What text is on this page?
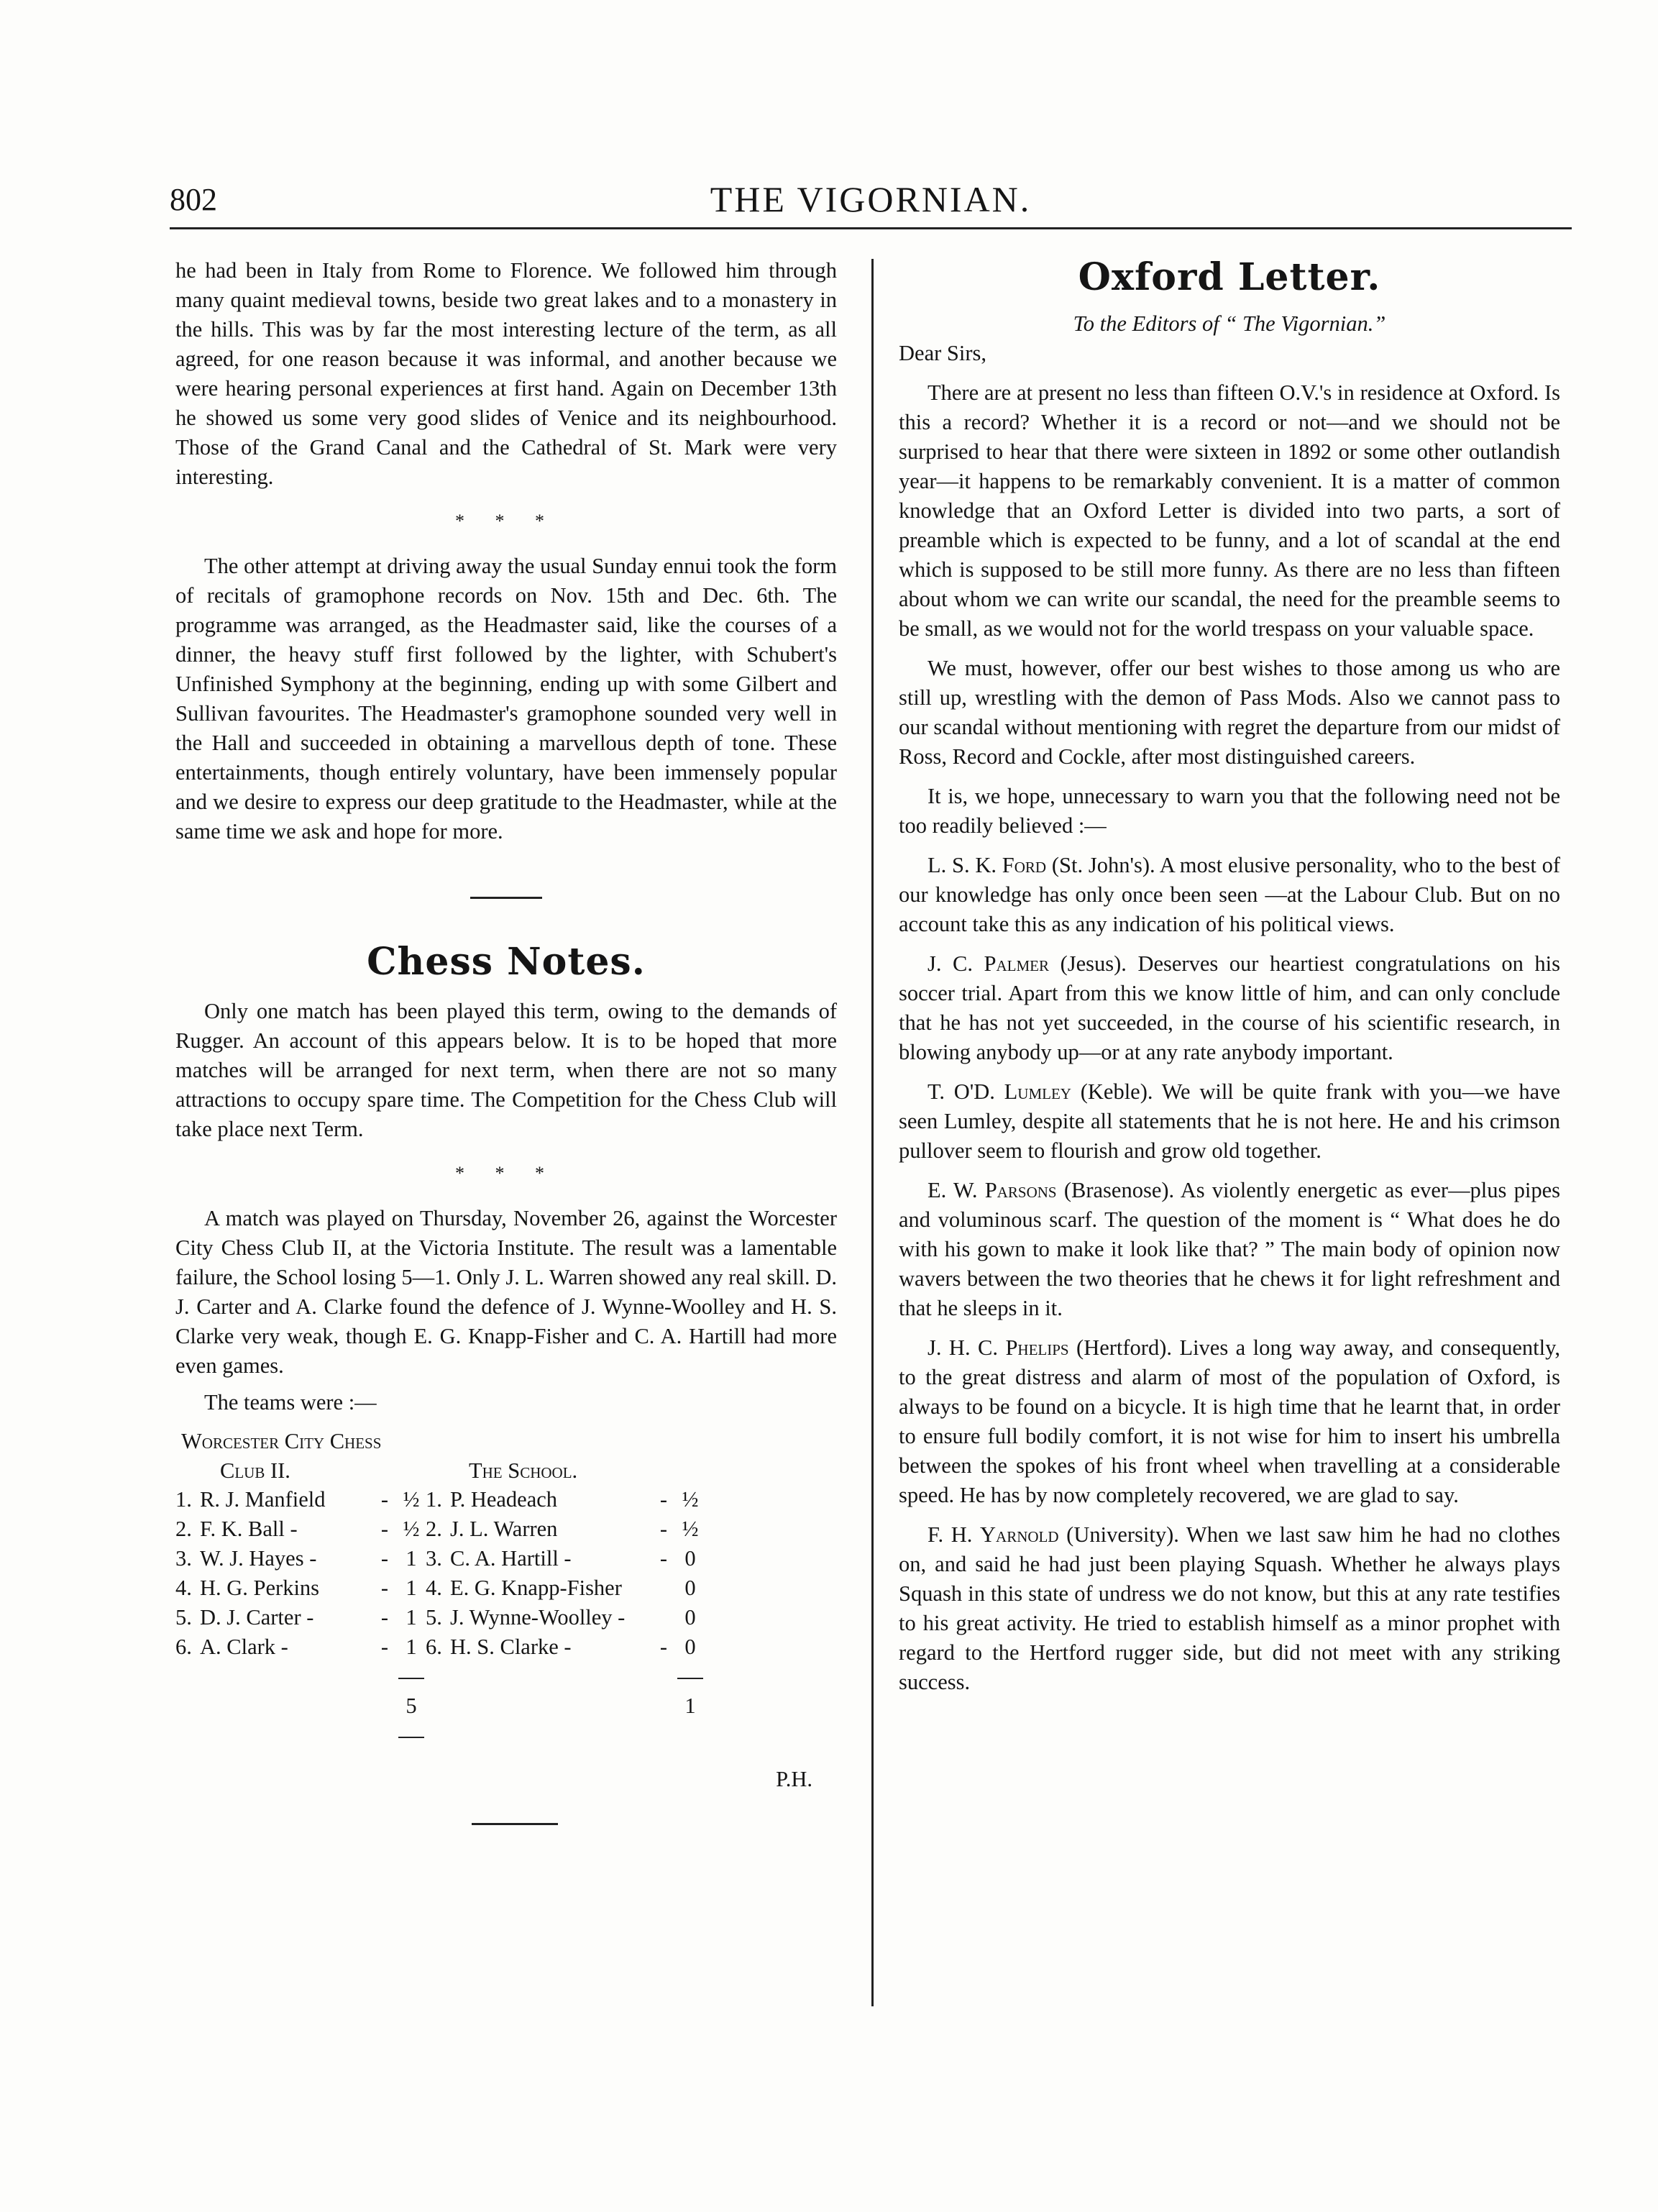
802	THE VIGORNIAN.

he had been in Italy from Rome to Florence. We followed him through many quaint medieval towns, beside two great lakes and to a monastery in the hills. This was by far the most interesting lecture of the term, as all agreed, for one reason because it was informal, and another because we were hearing personal experiences at first hand. Again on December 13th he showed us some very good slides of Venice and its neighbourhood. Those of the Grand Canal and the Cathedral of St. Mark were very interesting.

* * *

The other attempt at driving away the usual Sunday ennui took the form of recitals of gramophone records on Nov. 15th and Dec. 6th. The programme was arranged, as the Headmaster said, like the courses of a dinner, the heavy stuff first followed by the lighter, with Schubert's Unfinished Symphony at the beginning, ending up with some Gilbert and Sullivan favourites. The Headmaster's gramophone sounded very well in the Hall and succeeded in obtaining a marvellous depth of tone. These entertainments, though entirely voluntary, have been immensely popular and we desire to express our deep gratitude to the Headmaster, while at the same time we ask and hope for more.

Chess Notes.

Only one match has been played this term, owing to the demands of Rugger. An account of this appears below. It is to be hoped that more matches will be arranged for next term, when there are not so many attractions to occupy spare time. The Competition for the Chess Club will take place next Term.

* * *

A match was played on Thursday, November 26, against the Worcester City Chess Club II, at the Victoria Institute. The result was a lamentable failure, the School losing 5—1. Only J. L. Warren showed any real skill. D. J. Carter and A. Clarke found the defence of J. Wynne-Woolley and H. S. Clarke very weak, though E. G. Knapp-Fisher and C. A. Hartill had more even games.

The teams were :—

Worcester City Chess							
Club II.				The School.			
1.	R. J. Manfield	-	½	1.	P. Headeach	-	½
2.	F. K. Ball -	-	½	2.	J. L. Warren	-	½
3.	W. J. Hayes -	-	1	3.	C. A. Hartill -	-	0
4.	H. G. Perkins	-	1	4.	E. G. Knapp-Fisher		0
5.	D. J. Carter -	-	1	5.	J. Wynne-Woolley -		0
6.	A. Clark -	-	1	6.	H. S. Clarke -	-	0

			5				1

P.H.
Oxford Letter.
To the Editors of “ The Vigornian.”

Dear Sirs,

There are at present no less than fifteen O.V.'s in residence at Oxford. Is this a record? Whether it is a record or not—and we should not be surprised to hear that there were sixteen in 1892 or some other outlandish year—it happens to be remarkably convenient. It is a matter of common knowledge that an Oxford Letter is divided into two parts, a sort of preamble which is expected to be funny, and a lot of scandal at the end which is supposed to be still more funny. As there are no less than fifteen about whom we can write our scandal, the need for the preamble seems to be small, as we would not for the world trespass on your valuable space.

We must, however, offer our best wishes to those among us who are still up, wrestling with the demon of Pass Mods. Also we cannot pass to our scandal without mentioning with regret the departure from our midst of Ross, Record and Cockle, after most distinguished careers.

It is, we hope, unnecessary to warn you that the following need not be too readily believed :—

L. S. K. Ford (St. John's). A most elusive personality, who to the best of our knowledge has only once been seen —at the Labour Club. But on no account take this as any indication of his political views.

J. C. Palmer (Jesus). Deserves our heartiest congratulations on his soccer trial. Apart from this we know little of him, and can only conclude that he has not yet succeeded, in the course of his scientific research, in blowing anybody up—or at any rate anybody important.

T. O'D. Lumley (Keble). We will be quite frank with you—we have seen Lumley, despite all statements that he is not here. He and his crimson pullover seem to flourish and grow old together.

E. W. Parsons (Brasenose). As violently energetic as ever—plus pipes and voluminous scarf. The question of the moment is “ What does he do with his gown to make it look like that? ” The main body of opinion now wavers between the two theories that he chews it for light refreshment and that he sleeps in it.

J. H. C. Phelips (Hertford). Lives a long way away, and consequently, to the great distress and alarm of most of the population of Oxford, is always to be found on a bicycle. It is high time that he learnt that, in order to ensure full bodily comfort, it is not wise for him to insert his umbrella between the spokes of his front wheel when travelling at a considerable speed. He has by now completely recovered, we are glad to say.

F. H. Yarnold (University). When we last saw him he had no clothes on, and said he had just been playing Squash. Whether he always plays Squash in this state of undress we do not know, but this at any rate testifies to his great activity. He tried to establish himself as a minor prophet with regard to the Hertford rugger side, but did not meet with any striking success.
